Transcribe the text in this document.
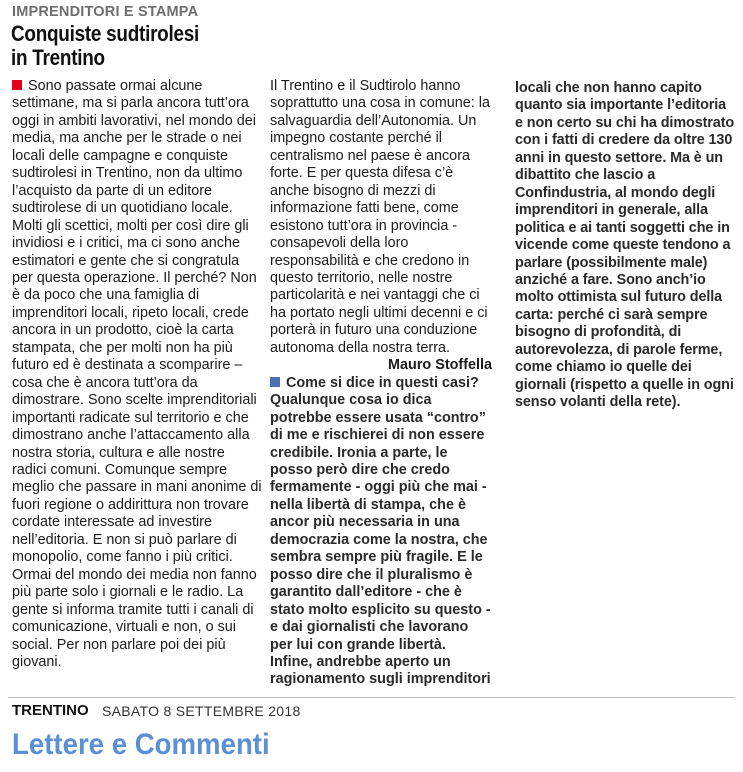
IMPRENDITORI E STAMPA
Conquiste sudtirolesi
in Trentino

Sono passate ormai alcune settimane, ma si parla ancora tutt’ora oggi in ambiti lavorativi, nel mondo dei media, ma anche per le strade o nei locali delle campagne e conquiste sudtirolesi in Trentino, non da ultimo l’acquisto da parte di un editore sudtirolese di un quotidiano locale. Molti gli scettici, molti per così dire gli invidiosi e i critici, ma ci sono anche estimatori e gente che si congratula per questa operazione. Il perché? Non è da poco che una famiglia di imprenditori locali, ripeto locali, crede ancora in un prodotto, cioè la carta stampata, che per molti non ha più futuro ed è destinata a scomparire – cosa che è ancora tutt’ora da dimostrare. Sono scelte imprenditoriali importanti radicate sul territorio e che dimostrano anche l’attaccamento alla nostra storia, cultura e alle nostre radici comuni. Comunque sempre meglio che passare in mani anonime di fuori regione o addirittura non trovare cordate interessate ad investire nell’editoria. E non si può parlare di monopolio, come fanno i più critici. Ormai del mondo dei media non fanno più parte solo i giornali e le radio. La gente si informa tramite tutti i canali di comunicazione, virtuali e non, o sui social. Per non parlare poi dei più giovani.

Il Trentino e il Sudtirolo hanno soprattutto una cosa in comune: la salvaguardia dell’Autonomia. Un impegno costante perché il centralismo nel paese è ancora forte. E per questa difesa c’è anche bisogno di mezzi di informazione fatti bene, come esistono tutt’ora in provincia - consapevoli della loro responsabilità e che credono in questo territorio, nelle nostre particolarità e nei vantaggi che ci ha portato negli ultimi decenni e ci porterà in futuro una conduzione autonoma della nostra terra.

Mauro Stoffella

Come si dice in questi casi?
Qualunque cosa io dica potrebbe essere usata “contro” di me e rischierei di non essere credibile. Ironia a parte, le posso però dire che credo fermamente - oggi più che mai - nella libertà di stampa, che è ancor più necessaria in una democrazia come la nostra, che sembra sempre più fragile. E le posso dire che il pluralismo è garantito dall’editore - che è stato molto esplicito su questo - e dai giornalisti che lavorano per lui con grande libertà. Infine, andrebbe aperto un ragionamento sugli imprenditori

locali che non hanno capito quanto sia importante l’editoria e non certo su chi ha dimostrato con i fatti di credere da oltre 130 anni in questo settore. Ma è un dibattito che lascio a Confindustria, al mondo degli imprenditori in generale, alla politica e ai tanti soggetti che in vicende come queste tendono a parlare (possibilmente male) anziché a fare. Sono anch’io molto ottimista sul futuro della carta: perché ci sarà sempre bisogno di profondità, di autorevolezza, di parole ferme, come chiamo io quelle dei giornali (rispetto a quelle in ogni senso volanti della rete).

TRENTINO SABATO 8 SETTEMBRE 2018
Lettere e Commenti
